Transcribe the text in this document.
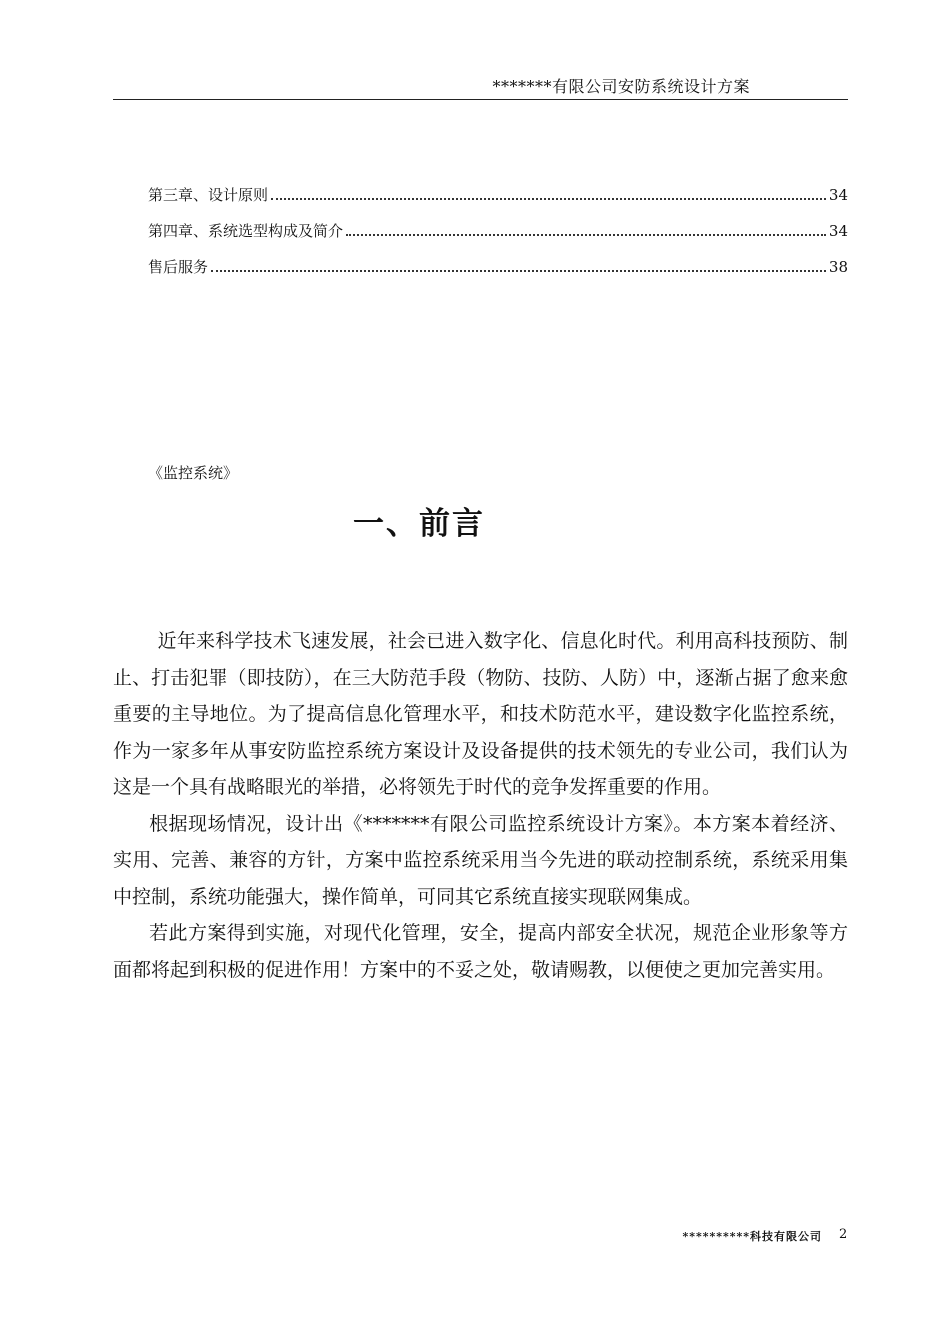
*******有限公司安防系统设计方案
第三章、设计原则	34
第四章、系统选型构成及简介	34
售后服务	38
《监控系统》
一、前言

近年来科学技术飞速发展，社会已进入数字化、信息化时代。利用高科技预防、制止、打击犯罪（即技防），在三大防范手段（物防、技防、人防）中，逐渐占据了愈来愈重要的主导地位。为了提高信息化管理水平，和技术防范水平，建设数字化监控系统，作为一家多年从事安防监控系统方案设计及设备提供的技术领先的专业公司，我们认为这是一个具有战略眼光的举措，必将领先于时代的竞争发挥重要的作用。

根据现场情况，设计出《*******有限公司监控系统设计方案》。本方案本着经济、实用、完善、兼容的方针，方案中监控系统采用当今先进的联动控制系统，系统采用集中控制，系统功能强大，操作简单，可同其它系统直接实现联网集成。

若此方案得到实施，对现代化管理，安全，提高内部安全状况，规范企业形象等方面都将起到积极的促进作用！方案中的不妥之处，敬请赐教，以便使之更加完善实用。

**********科技有限公司 2
